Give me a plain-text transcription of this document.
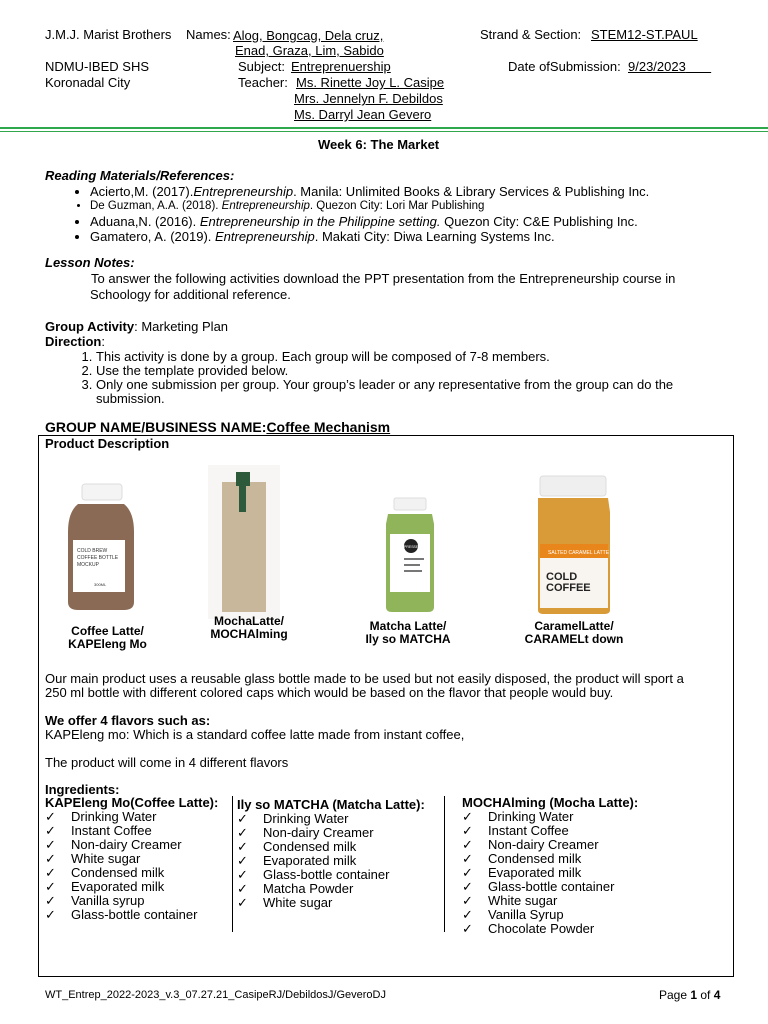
J.M.J. Marist Brothers
NDMU-IBED SHS
Koronadal City
Names: Alog, Bongcag, Dela cruz,
Enad, Graza, Lim, Sabido
Subject: Entreprenuership
Teacher: Ms. Rinette Joy L. Casipe
Mrs. Jennelyn F. Debildos
Ms. Darryl Jean Gevero
Strand & Section: STEM12-ST.PAUL
Date ofSubmission: 9/23/2023
Week 6: The Market
Reading Materials/References:
• Acierto,M. (2017).Entrepreneurship. Manila: Unlimited Books & Library Services & Publishing Inc.
• De Guzman, A.A. (2018). Entrepreneurship. Quezon City: Lori Mar Publishing
• Aduana,N. (2016). Entrepreneurship in the Philippine setting. Quezon City: C&E Publishing Inc.
• Gamatero, A. (2019). Entrepreneurship. Makati City: Diwa Learning Systems Inc.
Lesson Notes:
To answer the following activities download the PPT presentation from the Entrepreneurship course in
Schoology for additional reference.
Group Activity: Marketing Plan
Direction:
1. This activity is done by a group. Each group will be composed of 7-8 members.
2. Use the template provided below.
3. Only one submission per group. Your group’s leader or any representative from the group can do the submission.
GROUP NAME/BUSINESS NAME:Coffee Mechanism
Product Description
COLD BREW
COFFEE BOTTLE
MOCKUP
300ML
PRESSED
SALTED CARAMEL LATTE
COLD
COFFEE
Coffee Latte/
KAPEleng Mo
MochaLatte/
MOCHAlming
Matcha Latte/
Ily so MATCHA
CaramelLatte/
CARAMELt down
Our main product uses a reusable glass bottle made to be used but not easily disposed, the product will sport a
250 ml bottle with different colored caps which would be based on the flavor that people would buy.
We offer 4 flavors such as:
KAPEleng mo: Which is a standard coffee latte made from instant coffee,
The product will come in 4 different flavors
Ingredients:
KAPEleng Mo(Coffee Latte):
✓ Drinking Water
✓ Instant Coffee
✓ Non-dairy Creamer
✓ White sugar
✓ Condensed milk
✓ Evaporated milk
✓ Vanilla syrup
✓ Glass-bottle container
Ily so MATCHA (Matcha Latte):
✓ Drinking Water
✓ Non-dairy Creamer
✓ Condensed milk
✓ Evaporated milk
✓ Glass-bottle container
✓ Matcha Powder
✓ White sugar
MOCHAlming (Mocha Latte):
✓ Drinking Water
✓ Instant Coffee
✓ Non-dairy Creamer
✓ Condensed milk
✓ Evaporated milk
✓ Glass-bottle container
✓ White sugar
✓ Vanilla Syrup
✓ Chocolate Powder
WT_Entrep_2022-2023_v.3_07.27.21_CasipeRJ/DebildosJ/GeveroDJ	Page 1 of 4
